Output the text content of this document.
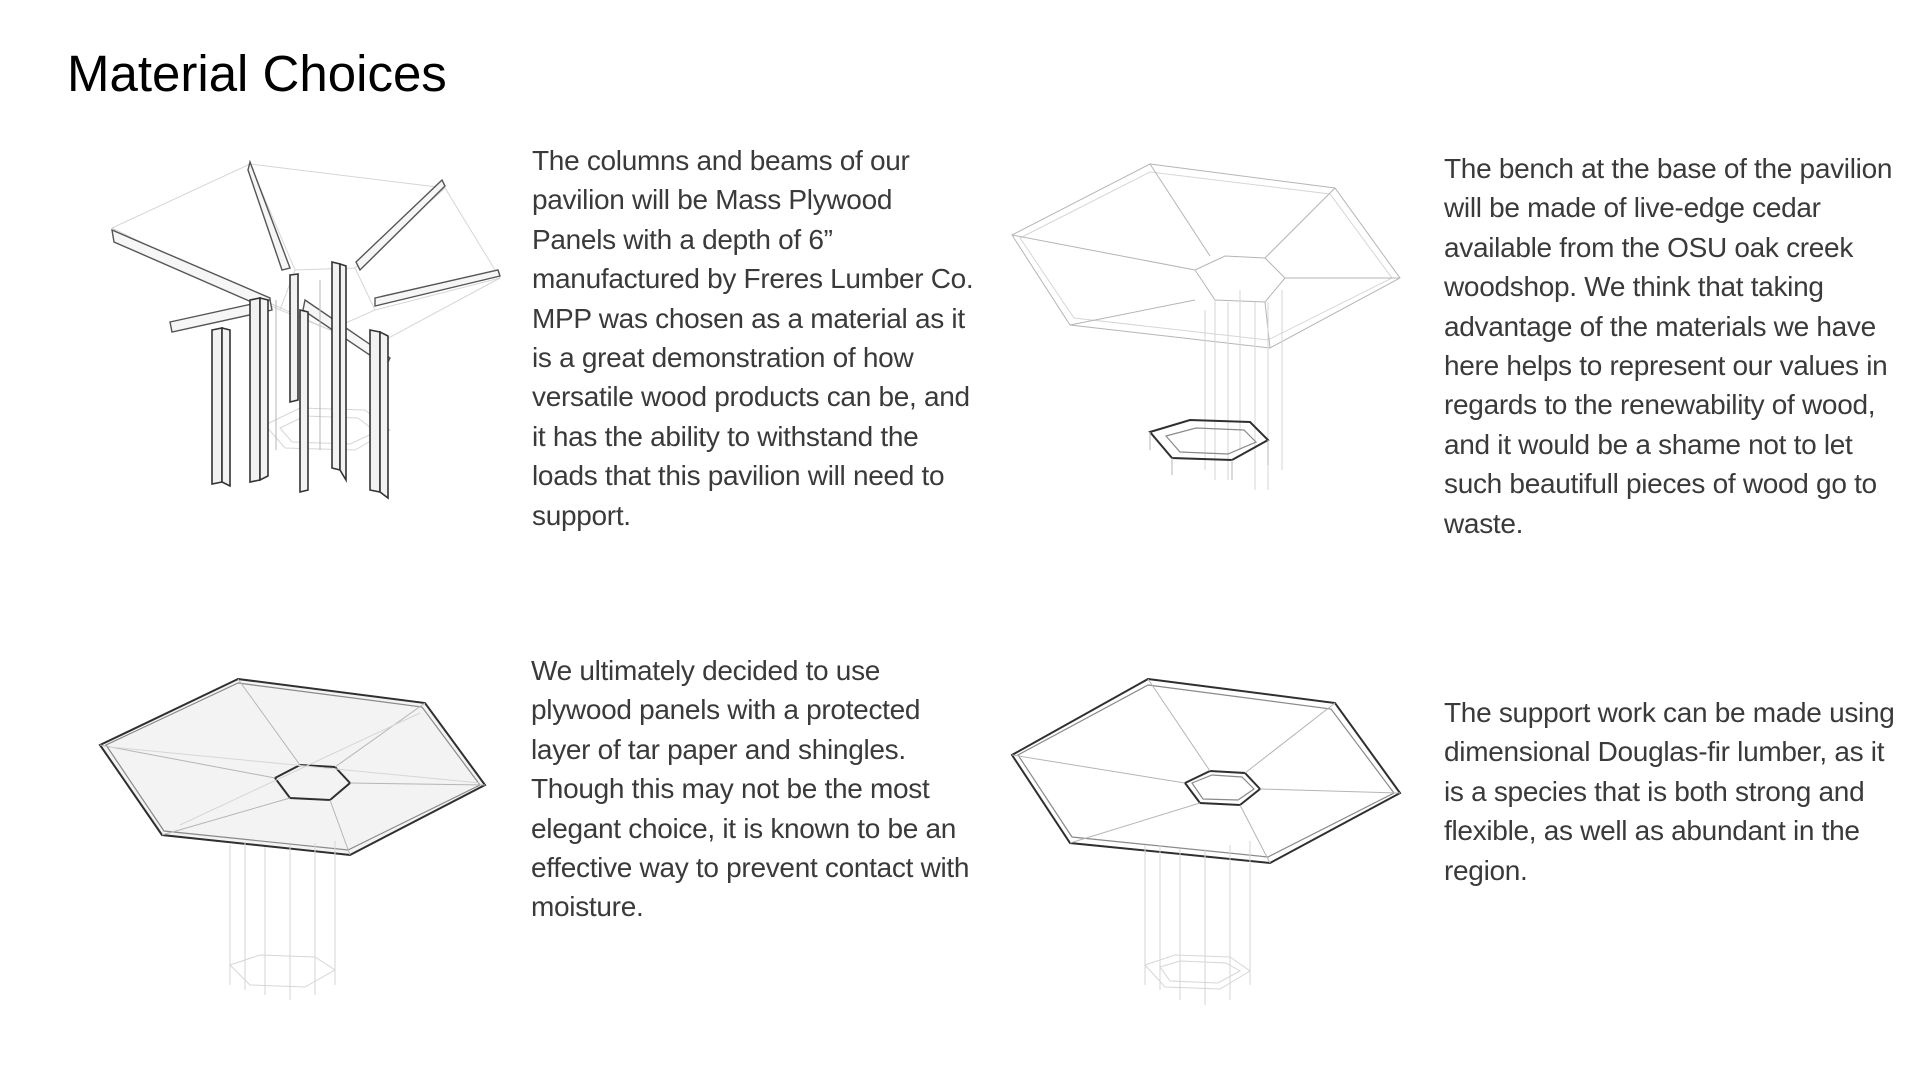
Material Choices

The columns and beams of our pavilion will be Mass Plywood Panels with a depth of 6” manufactured by Freres Lumber Co. MPP was chosen as a material as it is a great demonstration of how versatile wood products can be, and it has the ability to withstand the loads that this pavilion will need to support.

The bench at the base of the pavilion will be made of live-edge cedar available from the OSU oak creek woodshop. We think that taking advantage of the materials we have here helps to represent our values in regards to the renewability of wood, and it would be a shame not to let such beautifull pieces of wood go to waste.

We ultimately decided to use plywood panels with a protected layer of tar paper and shingles. Though this may not be the most elegant choice, it is known to be an effective way to prevent contact with moisture.

The support work can be made using dimensional Douglas-fir lumber, as it is a species that is both strong and flexible, as well as abundant in the region.
